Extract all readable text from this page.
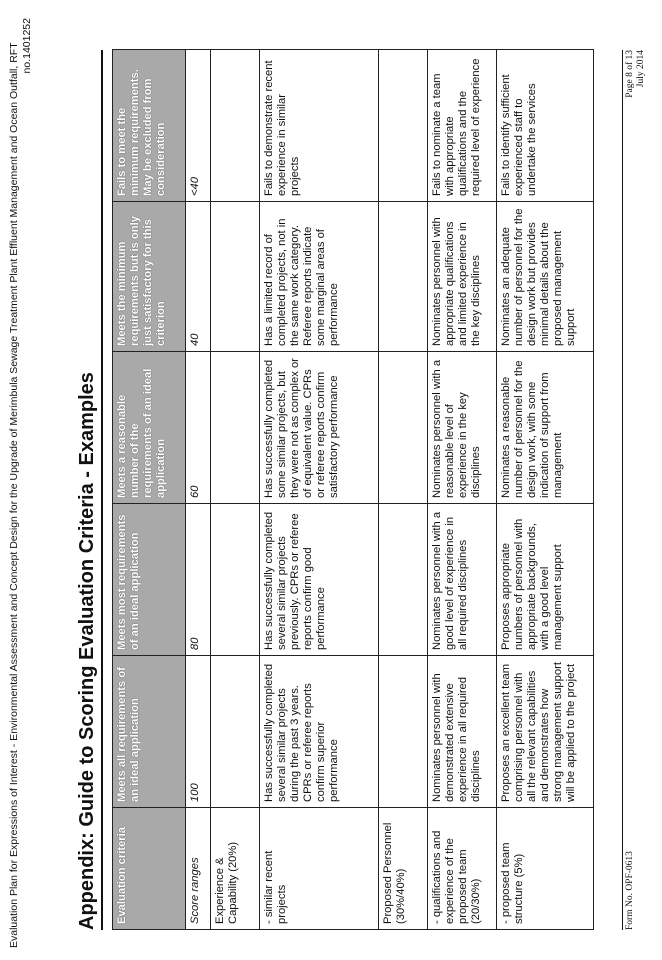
Evaluation Plan for Expressions of Interest - Environmental Assessment and Concept Design for the Upgrade of Merimbula Sewage Treatment Plant Effluent Management and Ocean Outfall, RFT no.1401252
Appendix: Guide to Scoring Evaluation Criteria - Examples	Evaluation criteria	Meets all requirements of an ideal application	Meets most requirements of an ideal application	Meets a reasonable number of the requirements of an ideal application	Meets the minimum requirements but is only just satisfactory for this criterion	Fails to meet the minimum requirements. May be excluded from consideration
Score ranges	100	80	60	40	<40
Experience & Capability (20%)					
- similar recent projects	Has successfully completed several similar projects during the past 3 years. CPRs or referee reports confirm superior performance	Has successfully completed several similar projects previously. CPRs or referee reports confirm good performance	Has successfully completed some similar projects, but they were not as complex or of equivalent value. CPRs or referee reports confirm satisfactory performance	Has a limited record of completed projects, not in the same work category. Referee reports indicate some marginal areas of performance	Fails to demonstrate recent experience in similar projects
Proposed Personnel (30%/40%)					
- qualifications and experience of the proposed team (20/30%)	Nominates personnel with demonstrated extensive experience in all required disciplines	Nominates personnel with a good level of experience in all required disciplines	Nominates personnel with a reasonable level of experience in the key disciplines	Nominates personnel with appropriate qualifications and limited experience in the key disciplines	Fails to nominate a team with appropriate qualifications and the required level of experience
- proposed team structure (5%)	Proposes an excellent team comprising personnel with all the relevant capabilities and demonstrates how strong management support will be applied to the project	Proposes appropriate numbers of personnel with appropriate backgrounds, with a good level management support	Nominates a reasonable number of personnel for the design work, with some indication of support from management	Nominates an adequate number of personnel for the design work but provides minimal details about the proposed management support	Fails to identify sufficient experienced staff to undertake the services
Form No. OPF-0613
Page 8 of 13 July 2014
